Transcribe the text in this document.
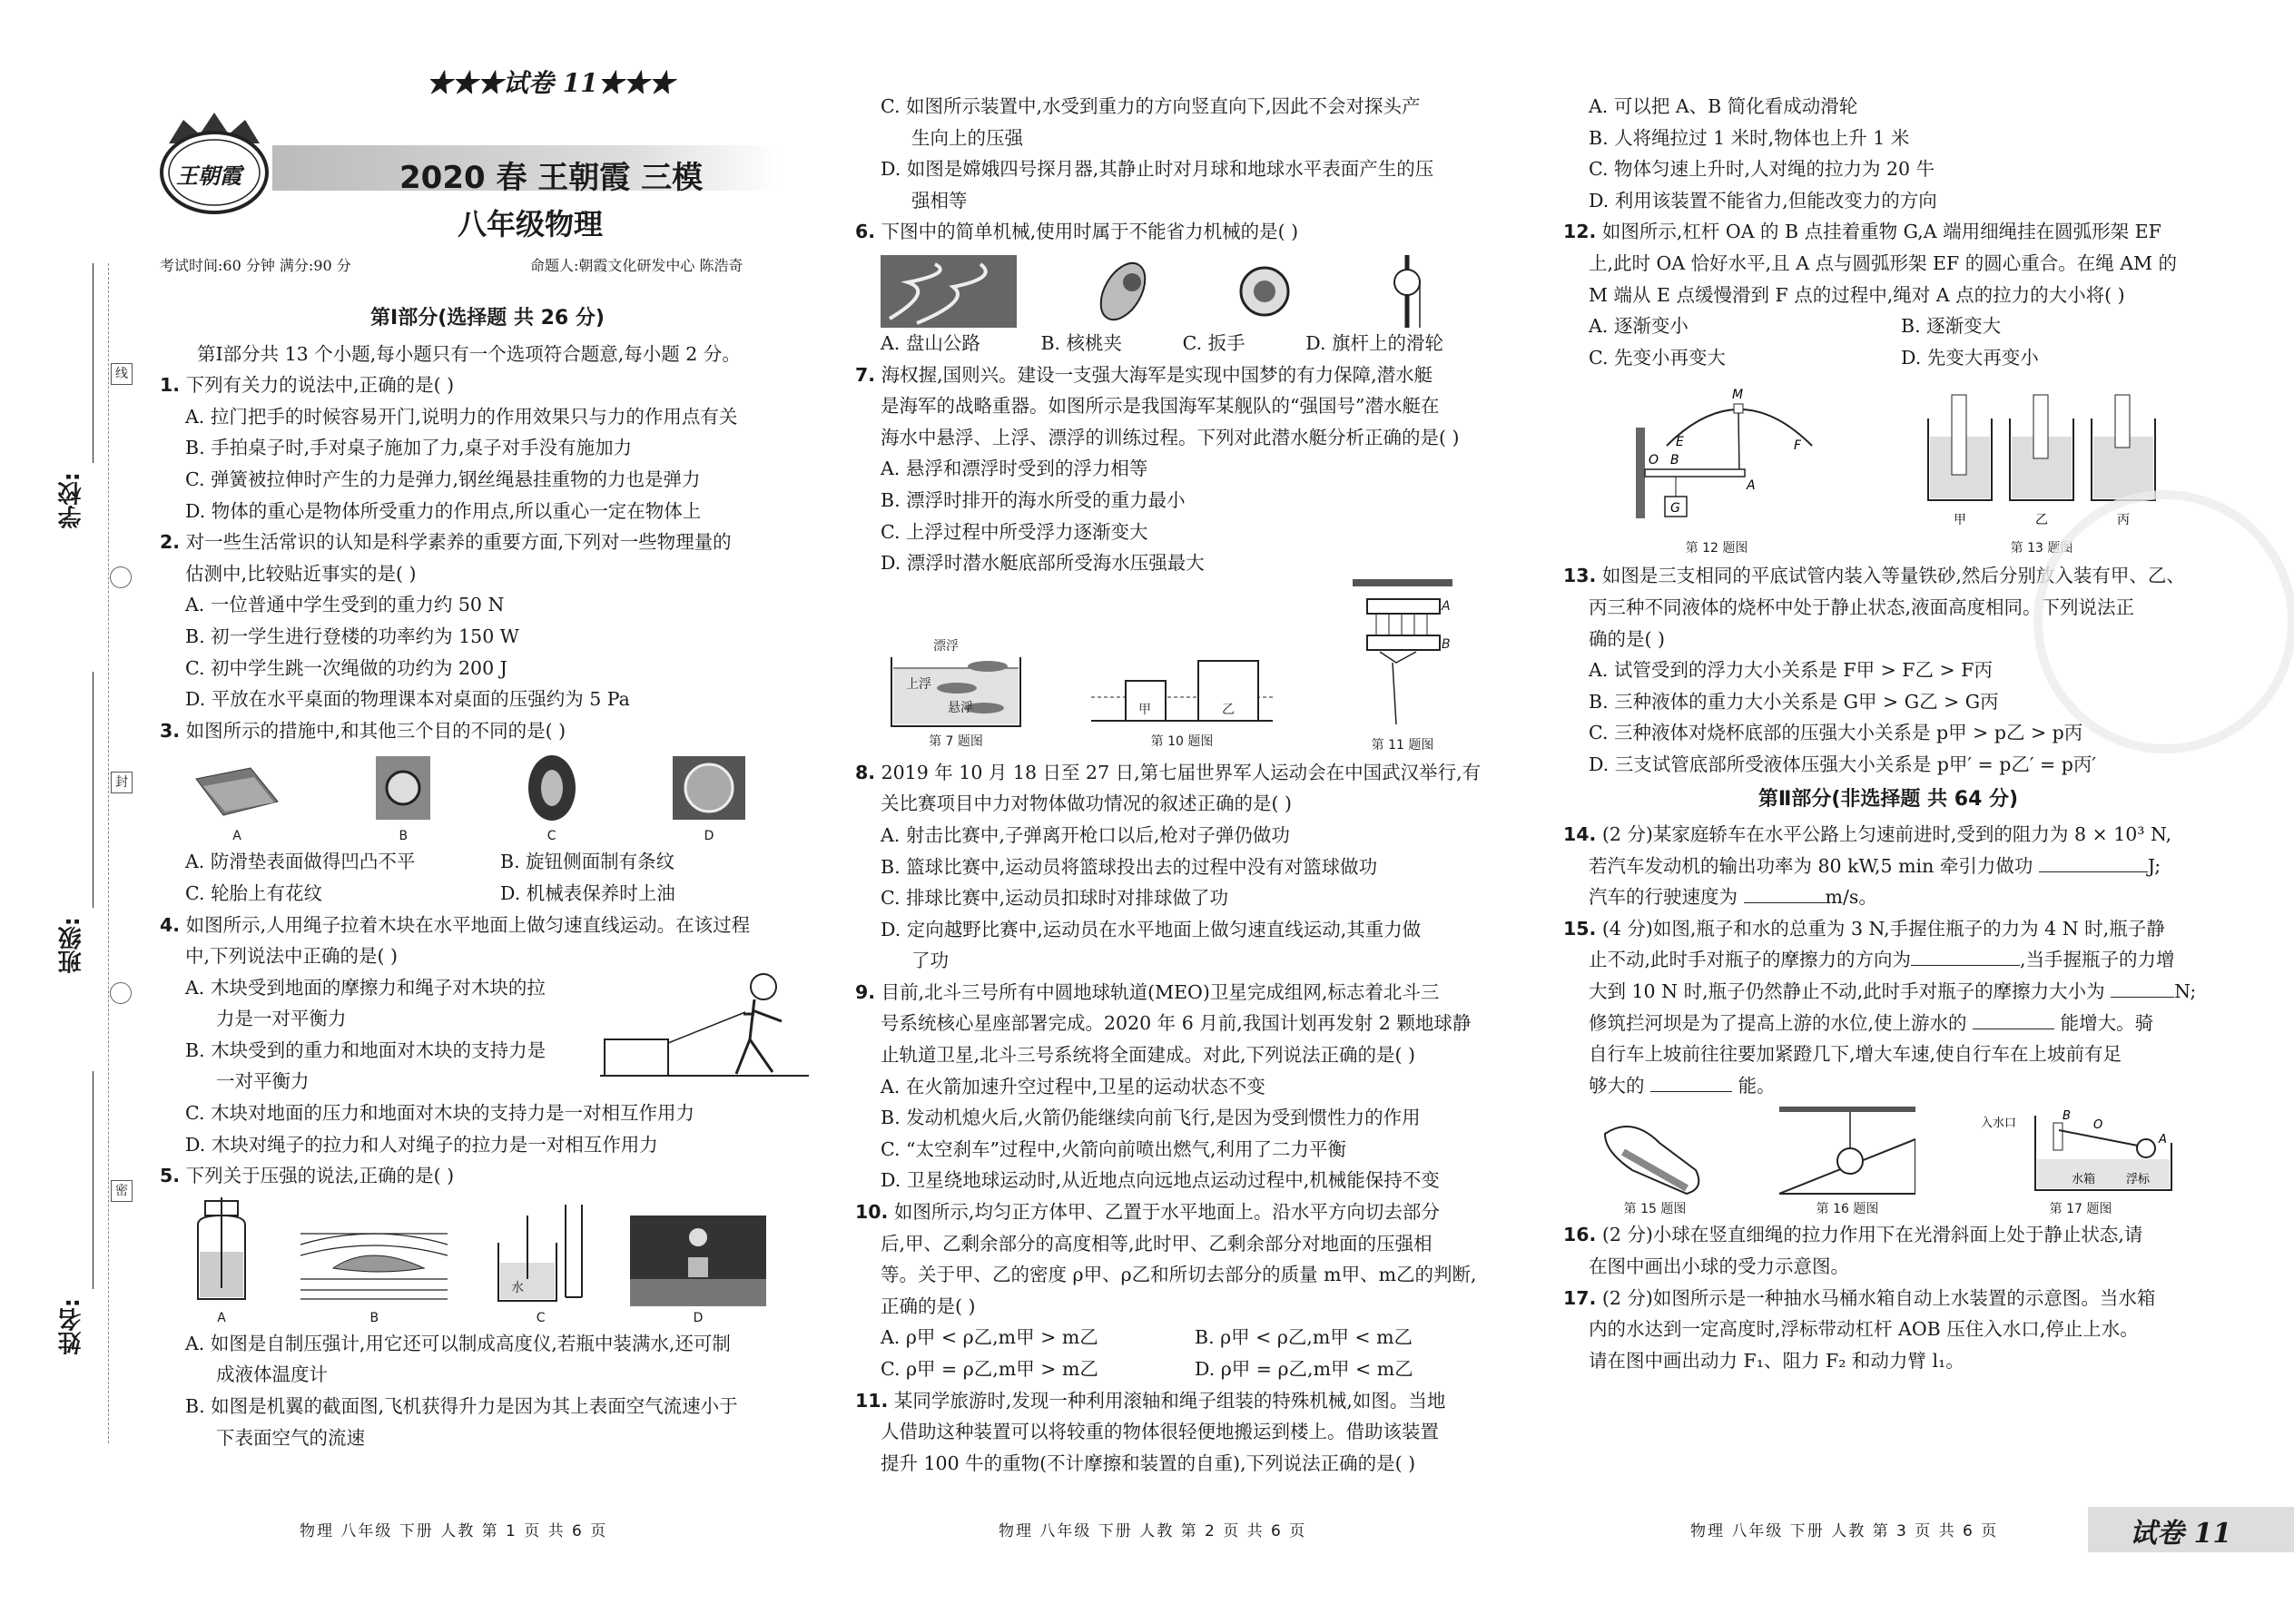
王朝霞
★★★试卷 11★★★
2020 春 王朝霞 三模
八年级物理
考试时间:60 分钟 满分:90 分	命题人:朝霞文化研发中心 陈浩奇
学校:
班级:
姓名:
线
封
密
第Ⅰ部分(选择题 共 26 分)

第Ⅰ部分共 13 个小题,每小题只有一个选项符合题意,每小题 2 分。

1. 下列有关力的说法中,正确的是( )

A. 拉门把手的时候容易开门,说明力的作用效果只与力的作用点有关

B. 手拍桌子时,手对桌子施加了力,桌子对手没有施加力

C. 弹簧被拉伸时产生的力是弹力,钢丝绳悬挂重物的力也是弹力

D. 物体的重心是物体所受重力的作用点,所以重心一定在物体上

2. 对一些生活常识的认知是科学素养的重要方面,下列对一些物理量的

估测中,比较贴近事实的是( )

A. 一位普通中学生受到的重力约 50 N

B. 初一学生进行登楼的功率约为 150 W

C. 初中学生跳一次绳做的功约为 200 J

D. 平放在水平桌面的物理课本对桌面的压强约为 5 Pa

3. 如图所示的措施中,和其他三个目的不同的是( )

A	B	C	D
A. 防滑垫表面做得凹凸不平	B. 旋钮侧面制有条纹
C. 轮胎上有花纹	D. 机械表保养时上油

4. 如图所示,人用绳子拉着木块在水平地面上做匀速直线运动。在该过程

中,下列说法中正确的是( )

A. 木块受到地面的摩擦力和绳子对木块的拉

力是一对平衡力

B. 木块受到的重力和地面对木块的支持力是

一对平衡力

C. 木块对地面的压力和地面对木块的支持力是一对相互作用力

D. 木块对绳子的拉力和人对绳子的拉力是一对相互作用力

5. 下列关于压强的说法,正确的是( )

A	B
水
C	D

A. 如图是自制压强计,用它还可以制成高度仪,若瓶中装满水,还可制

成液体温度计

B. 如图是机翼的截面图,飞机获得升力是因为其上表面空气流速小于

下表面空气的流速

C. 如图所示装置中,水受到重力的方向竖直向下,因此不会对探头产

生向上的压强

D. 如图是嫦娥四号探月器,其静止时对月球和地球水平表面产生的压

强相等

6. 下图中的简单机械,使用时属于不能省力机械的是( )

A. 盘山公路	B. 核桃夹	C. 扳手	D. 旗杆上的滑轮

7. 海权握,国则兴。建设一支强大海军是实现中国梦的有力保障,潜水艇

是海军的战略重器。如图所示是我国海军某舰队的“强国号”潜水艇在

海水中悬浮、上浮、漂浮的训练过程。下列对此潜水艇分析正确的是( )

A. 悬浮和漂浮时受到的浮力相等

B. 漂浮时排开的海水所受的重力最小

C. 上浮过程中所受浮力逐渐变大

D. 漂浮时潜水艇底部所受海水压强最大

漂浮
上浮
悬浮
第 7 题图
甲	乙
第 10 题图
A
B
第 11 题图

8. 2019 年 10 月 18 日至 27 日,第七届世界军人运动会在中国武汉举行,有

关比赛项目中力对物体做功情况的叙述正确的是( )

A. 射击比赛中,子弹离开枪口以后,枪对子弹仍做功

B. 篮球比赛中,运动员将篮球投出去的过程中没有对篮球做功

C. 排球比赛中,运动员扣球时对排球做了功

D. 定向越野比赛中,运动员在水平地面上做匀速直线运动,其重力做

了功

9. 目前,北斗三号所有中圆地球轨道(MEO)卫星完成组网,标志着北斗三

号系统核心星座部署完成。2020 年 6 月前,我国计划再发射 2 颗地球静

止轨道卫星,北斗三号系统将全面建成。对此,下列说法正确的是( )

A. 在火箭加速升空过程中,卫星的运动状态不变

B. 发动机熄火后,火箭仍能继续向前飞行,是因为受到惯性力的作用

C. “太空刹车”过程中,火箭向前喷出燃气,利用了二力平衡

D. 卫星绕地球运动时,从近地点向远地点运动过程中,机械能保持不变

10. 如图所示,均匀正方体甲、乙置于水平地面上。沿水平方向切去部分

后,甲、乙剩余部分的高度相等,此时甲、乙剩余部分对地面的压强相

等。关于甲、乙的密度 ρ甲、ρ乙和所切去部分的质量 m甲、m乙的判断,

正确的是( )

A. ρ甲 < ρ乙,m甲 > m乙	B. ρ甲 < ρ乙,m甲 < m乙
C. ρ甲 = ρ乙,m甲 > m乙	D. ρ甲 = ρ乙,m甲 < m乙

11. 某同学旅游时,发现一种利用滚轴和绳子组装的特殊机械,如图。当地

人借助这种装置可以将较重的物体很轻便地搬运到楼上。借助该装置

提升 100 牛的重物(不计摩擦和装置的自重),下列说法正确的是( )

A. 可以把 A、B 简化看成动滑轮

B. 人将绳拉过 1 米时,物体也上升 1 米

C. 物体匀速上升时,人对绳的拉力为 20 牛

D. 利用该装置不能省力,但能改变力的方向

12. 如图所示,杠杆 OA 的 B 点挂着重物 G,A 端用细绳挂在圆弧形架 EF

上,此时 OA 恰好水平,且 A 点与圆弧形架 EF 的圆心重合。在绳 AM 的

M 端从 E 点缓慢滑到 F 点的过程中,绳对 A 点的拉力的大小将( )

A. 逐渐变小	B. 逐渐变大
C. 先变小再变大	D. 先变大再变小
M
E	F
O B
A
G
第 12 题图
甲	乙	丙
第 13 题图

13. 如图是三支相同的平底试管内装入等量铁砂,然后分别放入装有甲、乙、

丙三种不同液体的烧杯中处于静止状态,液面高度相同。下列说法正

确的是( )

A. 试管受到的浮力大小关系是 F甲 > F乙 > F丙

B. 三种液体的重力大小关系是 G甲 > G乙 > G丙

C. 三种液体对烧杯底部的压强大小关系是 p甲 > p乙 > p丙

D. 三支试管底部所受液体压强大小关系是 p甲′ = p乙′ = p丙′

第Ⅱ部分(非选择题 共 64 分)

14. (2 分)某家庭轿车在水平公路上匀速前进时,受到的阻力为 8 × 10³ N,

若汽车发动机的输出功率为 80 kW,5 min 牵引力做功	J;

汽车的行驶速度为	m/s。

15. (4 分)如图,瓶子和水的总重为 3 N,手握住瓶子的力为 4 N 时,瓶子静

止不动,此时手对瓶子的摩擦力的方向为	,当手握瓶子的力增

大到 10 N 时,瓶子仍然静止不动,此时手对瓶子的摩擦力大小为	N;

修筑拦河坝是为了提高上游的水位,使上游水的	能增大。骑

自行车上坡前往往要加紧蹬几下,增大车速,使自行车在上坡前有足

够大的	能。

第 15 题图	第 16 题图
入水口
水箱	浮标
B
O
A
第 17 题图

16. (2 分)小球在竖直细绳的拉力作用下在光滑斜面上处于静止状态,请

在图中画出小球的受力示意图。

17. (2 分)如图所示是一种抽水马桶水箱自动上水装置的示意图。当水箱

内的水达到一定高度时,浮标带动杠杆 AOB 压住入水口,停止上水。

请在图中画出动力 F₁、阻力 F₂ 和动力臂 l₁。

物理 八年级 下册 人教 第 1 页 共 6 页	物理 八年级 下册 人教 第 2 页 共 6 页	物理 八年级 下册 人教 第 3 页 共 6 页	试卷 11
